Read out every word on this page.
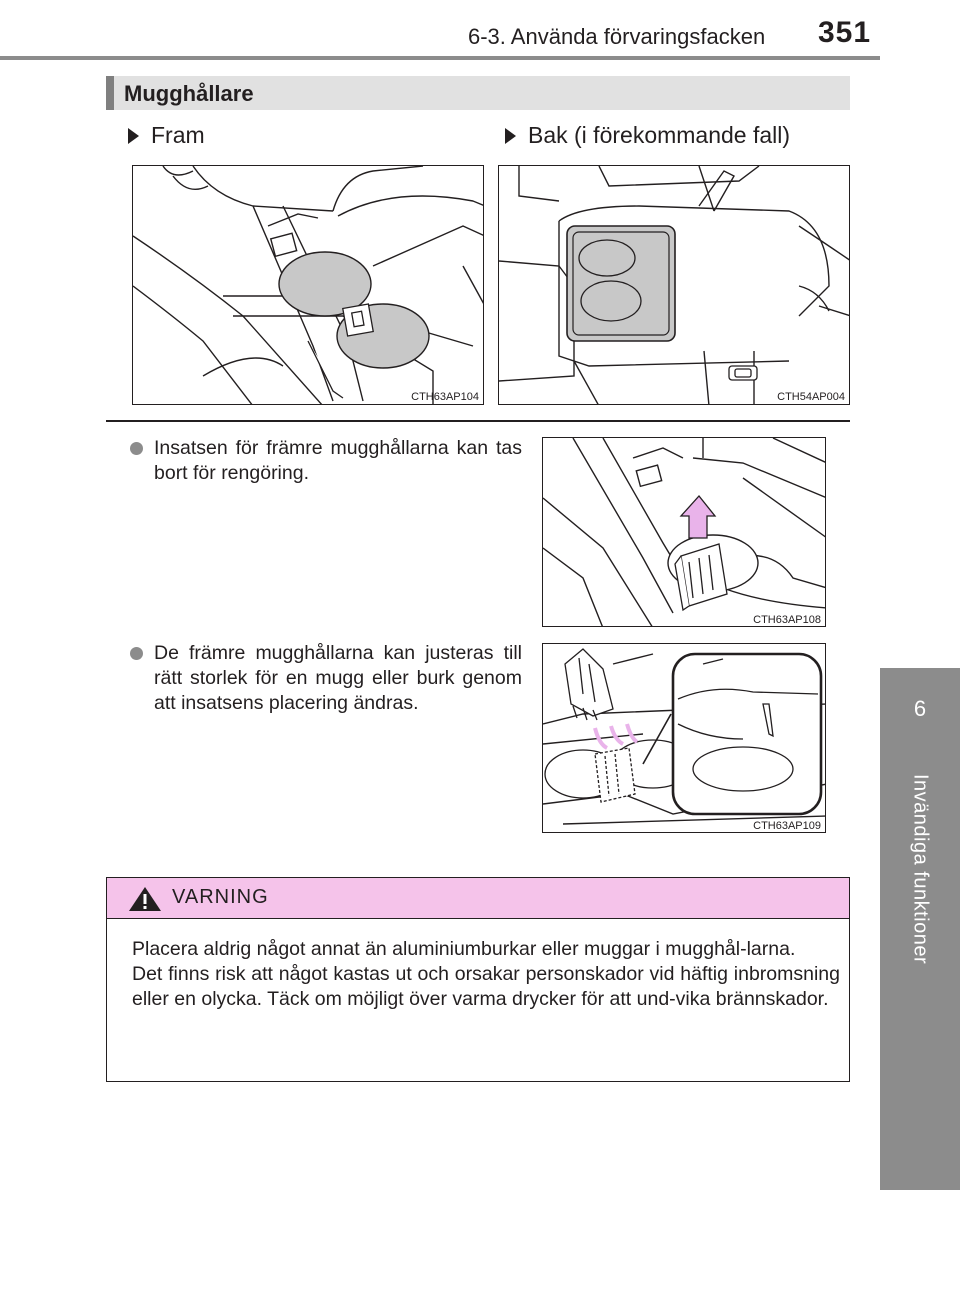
6-3. Använda förvaringsfacken 351
6
Invändiga funktioner
Mugghållare
Fram	Bak (i förekommande fall)
CTH63AP104	CTH54AP004
Insatsen för främre mugghållarna kan tas bort för rengöring.
CTH63AP108
De främre mugghållarna kan justeras till rätt storlek för en mugg eller burk genom att insatsens placering ändras.
CTH63AP109
VARNING

Placera aldrig något annat än aluminiumburkar eller muggar i mugghål-larna.

Det finns risk att något kastas ut och orsakar personskador vid häftig inbromsning eller en olycka. Täck om möjligt över varma drycker för att und-vika brännskador.
